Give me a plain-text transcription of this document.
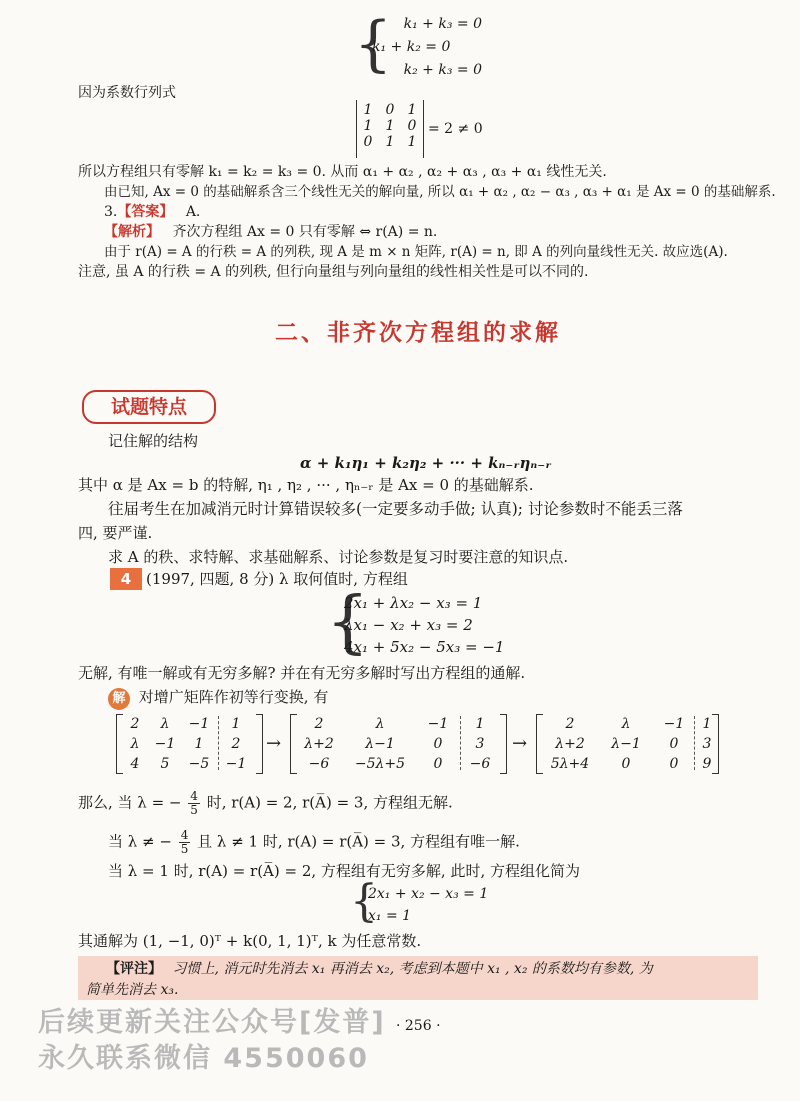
{ k₁ + k₃ = 0
k₁ + k₂ = 0
k₂ + k₃ = 0
因为系数行列式
1 0 1
1 1 0
0 1 1
= 2 ≠ 0
所以方程组只有零解 k₁ = k₂ = k₃ = 0. 从而 α₁ + α₂ , α₂ + α₃ , α₃ + α₁ 线性无关.
由已知, Ax = 0 的基础解系含三个线性无关的解向量, 所以 α₁ + α₂ , α₂ − α₃ , α₃ + α₁ 是 Ax = 0 的基础解系.
3.【答案】 A.
【解析】 齐次方程组 Ax = 0 只有零解 ⇔ r(A) = n.
由于 r(A) = A 的行秩 = A 的列秩, 现 A 是 m × n 矩阵, r(A) = n, 即 A 的列向量线性无关. 故应选(A).
注意, 虽 A 的行秩 = A 的列秩, 但行向量组与列向量组的线性相关性是可以不同的.
二、非齐次方程组的求解
试题特点
记住解的结构
α + k₁η₁ + k₂η₂ + ··· + kₙ₋ᵣηₙ₋ᵣ
其中 α 是 Ax = b 的特解, η₁ , η₂ , ··· , ηₙ₋ᵣ 是 Ax = 0 的基础解系.
往届考生在加减消元时计算错误较多(一定要多动手做; 认真); 讨论参数时不能丢三落
四, 要严谨.
求 A 的秩、求特解、求基础解系、讨论参数是复习时要注意的知识点.
4 (1997, 四题, 8 分) λ 取何值时, 方程组
{
2x₁ + λx₂ − x₃ = 1
λx₁ − x₂ + x₃ = 2
4x₁ + 5x₂ − 5x₃ = −1
无解, 有唯一解或有无穷多解? 并在有无穷多解时写出方程组的通解.
解 对增广矩阵作初等行变换, 有
2	λ	−1	1
λ	−1	1	2
4	5	−5	−1
→
2	λ	−1	1
λ+2	λ−1	0	3
−6	−5λ+5	0	−6
→
2	λ	−1	1
λ+2	λ−1	0	3
5λ+4	0	0	9
那么, 当 λ = − $\frac{4}{5}$ 时, r(A) = 2, r(A̅) = 3, 方程组无解.
当 λ ≠ − $\frac{4}{5}$ 且 λ ≠ 1 时, r(A) = r(A̅) = 3, 方程组有唯一解.
当 λ = 1 时, r(A) = r(A̅) = 2, 方程组有无穷多解, 此时, 方程组化简为
{
2x₁ + x₂ − x₃ = 1
x₁ = 1
其通解为 (1, −1, 0)ᵀ + k(0, 1, 1)ᵀ, k 为任意常数.
【评注】 习惯上, 消元时先消去 x₁ 再消去 x₂, 考虑到本题中 x₁ , x₂ 的系数均有参数, 为
简单先消去 x₃.
· 256 ·
后续更新关注公众号[发普]
永久联系微信 4550060
